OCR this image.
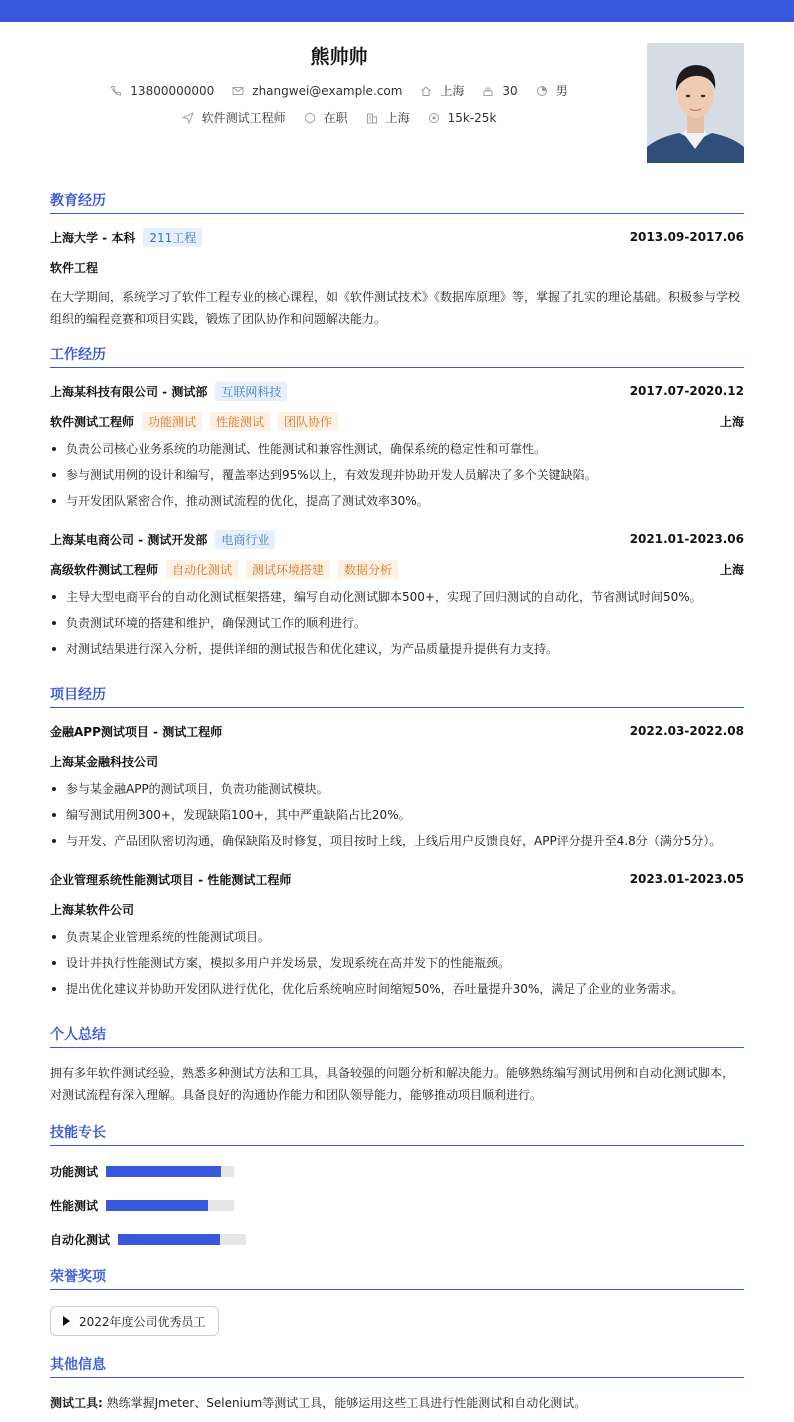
熊帅帅
13800000000	zhangwei@example.com	上海	30	男
软件测试工程师	在职	上海	15k-25k
教育经历
上海大学 - 本科	211工程	2013.09-2017.06
软件工程
在大学期间，系统学习了软件工程专业的核心课程，如《软件测试技术》《数据库原理》等，掌握了扎实的理论基础。积极参与学校组织的编程竞赛和项目实践，锻炼了团队协作和问题解决能力。
工作经历
上海某科技有限公司 - 测试部	互联网科技	2017.07-2020.12
软件测试工程师	功能测试	性能测试	团队协作	上海
负责公司核心业务系统的功能测试、性能测试和兼容性测试，确保系统的稳定性和可靠性。
参与测试用例的设计和编写，覆盖率达到95%以上，有效发现并协助开发人员解决了多个关键缺陷。
与开发团队紧密合作，推动测试流程的优化，提高了测试效率30%。
上海某电商公司 - 测试开发部	电商行业	2021.01-2023.06
高级软件测试工程师	自动化测试	测试环境搭建	数据分析	上海
主导大型电商平台的自动化测试框架搭建，编写自动化测试脚本500+，实现了回归测试的自动化，节省测试时间50%。
负责测试环境的搭建和维护，确保测试工作的顺利进行。
对测试结果进行深入分析，提供详细的测试报告和优化建议，为产品质量提升提供有力支持。
项目经历
金融APP测试项目 - 测试工程师	2022.03-2022.08
上海某金融科技公司
参与某金融APP的测试项目，负责功能测试模块。
编写测试用例300+，发现缺陷100+，其中严重缺陷占比20%。
与开发、产品团队密切沟通，确保缺陷及时修复，项目按时上线，上线后用户反馈良好，APP评分提升至4.8分（满分5分）。
企业管理系统性能测试项目 - 性能测试工程师	2023.01-2023.05
上海某软件公司
负责某企业管理系统的性能测试项目。
设计并执行性能测试方案，模拟多用户并发场景，发现系统在高并发下的性能瓶颈。
提出优化建议并协助开发团队进行优化，优化后系统响应时间缩短50%，吞吐量提升30%，满足了企业的业务需求。
个人总结
拥有多年软件测试经验，熟悉多种测试方法和工具，具备较强的问题分析和解决能力。能够熟练编写测试用例和自动化测试脚本，对测试流程有深入理解。具备良好的沟通协作能力和团队领导能力，能够推动项目顺利进行。
技能专长
功能测试
性能测试
自动化测试
荣誉奖项
2022年度公司优秀员工
其他信息
测试工具: 熟练掌握Jmeter、Selenium等测试工具，能够运用这些工具进行性能测试和自动化测试。
